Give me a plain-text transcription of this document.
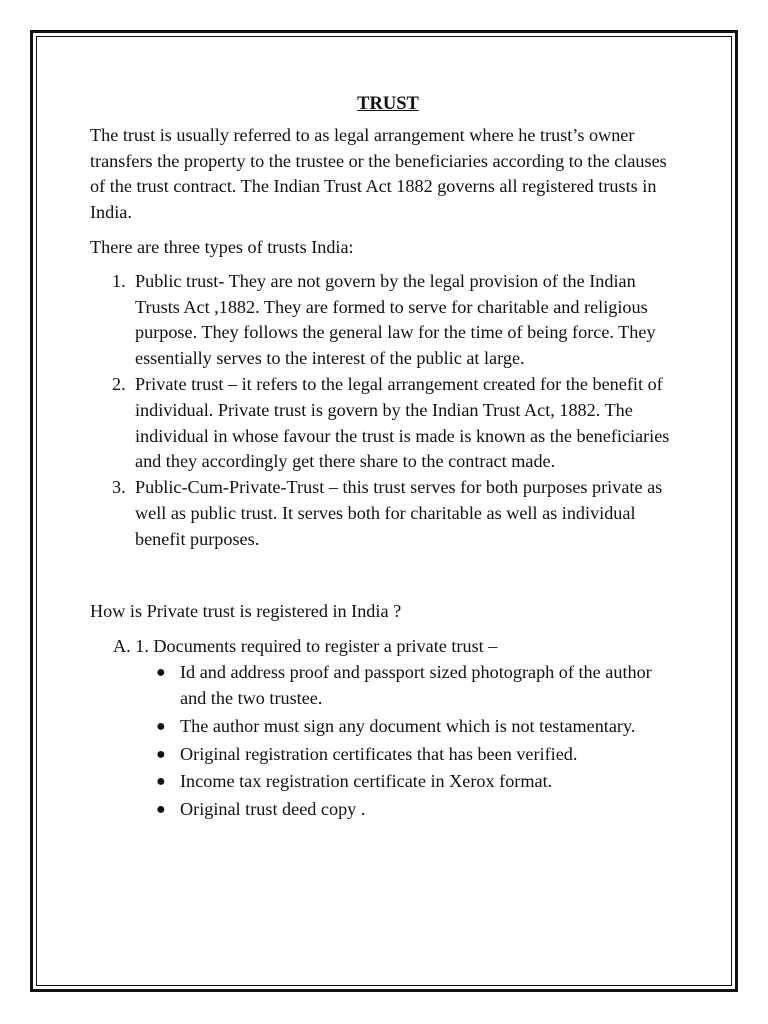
TRUST

The trust is usually referred to as legal arrangement where he trust’s owner transfers the property to the trustee or the beneficiaries according to the clauses of the trust contract. The Indian Trust Act 1882 governs all registered trusts in India.

There are three types of trusts India:

1. Public trust- They are not govern by the legal provision of the Indian Trusts Act ,1882. They are formed to serve for charitable and religious purpose. They follows the general law for the time of being force. They essentially serves to the interest of the public at large.
2. Private trust – it refers to the legal arrangement created for the benefit of individual. Private trust is govern by the Indian Trust Act, 1882. The individual in whose favour the trust is made is known as the beneficiaries and they accordingly get there share to the contract made.
3. Public-Cum-Private-Trust – this trust serves for both purposes private as well as public trust. It serves both for charitable as well as individual benefit purposes.

How is Private trust is registered in India ?

A. 1. Documents required to register a private trust –

● Id and address proof and passport sized photograph of the author and the two trustee.
● The author must sign any document which is not testamentary.
● Original registration certificates that has been verified.
● Income tax registration certificate in Xerox format.
● Original trust deed copy .
